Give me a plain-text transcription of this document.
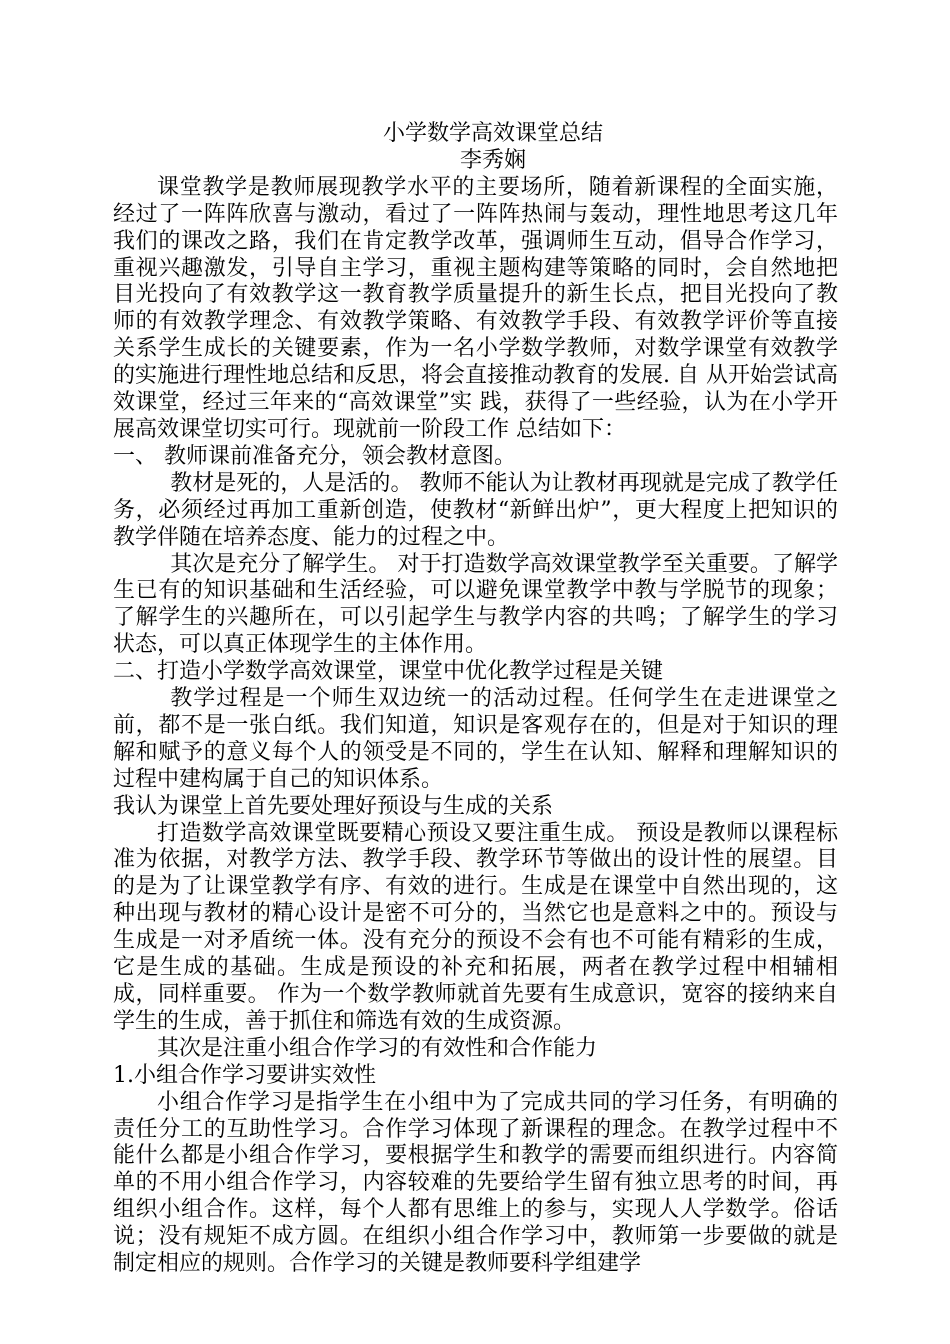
小学数学高效课堂总结
李秀娴

课堂教学是教师展现教学水平的主要场所，随着新课程的全面实施，经过了一阵阵欣喜与激动，看过了一阵阵热闹与轰动，理性地思考这几年我们的课改之路，我们在肯定教学改革，强调师生互动，倡导合作学习，重视兴趣激发，引导自主学习，重视主题构建等策略的同时，会自然地把目光投向了有效教学这一教育教学质量提升的新生长点，把目光投向了教师的有效教学理念、有效教学策略、有效教学手段、有效教学评价等直接关系学生成长的关键要素，作为一名小学数学教师，对数学课堂有效教学的实施进行理性地总结和反思，将会直接推动教育的发展. 自 从开始尝试高效课堂，经过三年来的“高效课堂”实 践，获得了一些经验，认为在小学开展高效课堂切实可行。现就前一阶段工作 总结如下：

一、 教师课前准备充分，领会教材意图。

教材是死的，人是活的。 教师不能认为让教材再现就是完成了教学任务，必须经过再加工重新创造，使教材“新鲜出炉”，更大程度上把知识的教学伴随在培养态度、能力的过程之中。

其次是充分了解学生。 对于打造数学高效课堂教学至关重要。了解学生已有的知识基础和生活经验，可以避免课堂教学中教与学脱节的现象；了解学生的兴趣所在，可以引起学生与教学内容的共鸣；了解学生的学习状态，可以真正体现学生的主体作用。

二、打造小学数学高效课堂，课堂中优化教学过程是关键

教学过程是一个师生双边统一的活动过程。任何学生在走进课堂之前，都不是一张白纸。我们知道，知识是客观存在的，但是对于知识的理解和赋予的意义每个人的领受是不同的，学生在认知、解释和理解知识的过程中建构属于自己的知识体系。

我认为课堂上首先要处理好预设与生成的关系

打造数学高效课堂既要精心预设又要注重生成。 预设是教师以课程标准为依据，对教学方法、教学手段、教学环节等做出的设计性的展望。目的是为了让课堂教学有序、有效的进行。生成是在课堂中自然出现的，这种出现与教材的精心设计是密不可分的，当然它也是意料之中的。预设与生成是一对矛盾统一体。没有充分的预设不会有也不可能有精彩的生成，它是生成的基础。生成是预设的补充和拓展，两者在教学过程中相辅相成，同样重要。 作为一个数学教师就首先要有生成意识，宽容的接纳来自学生的生成，善于抓住和筛选有效的生成资源。

其次是注重小组合作学习的有效性和合作能力

1.小组合作学习要讲实效性

小组合作学习是指学生在小组中为了完成共同的学习任务，有明确的责任分工的互助性学习。合作学习体现了新课程的理念。在教学过程中不能什么都是小组合作学习，要根据学生和教学的需要而组织进行。内容简单的不用小组合作学习，内容较难的先要给学生留有独立思考的时间，再组织小组合作。这样，每个人都有思维上的参与，实现人人学数学。俗话说；没有规矩不成方圆。在组织小组合作学习中，教师第一步要做的就是制定相应的规则。合作学习的关键是教师要科学组建学
